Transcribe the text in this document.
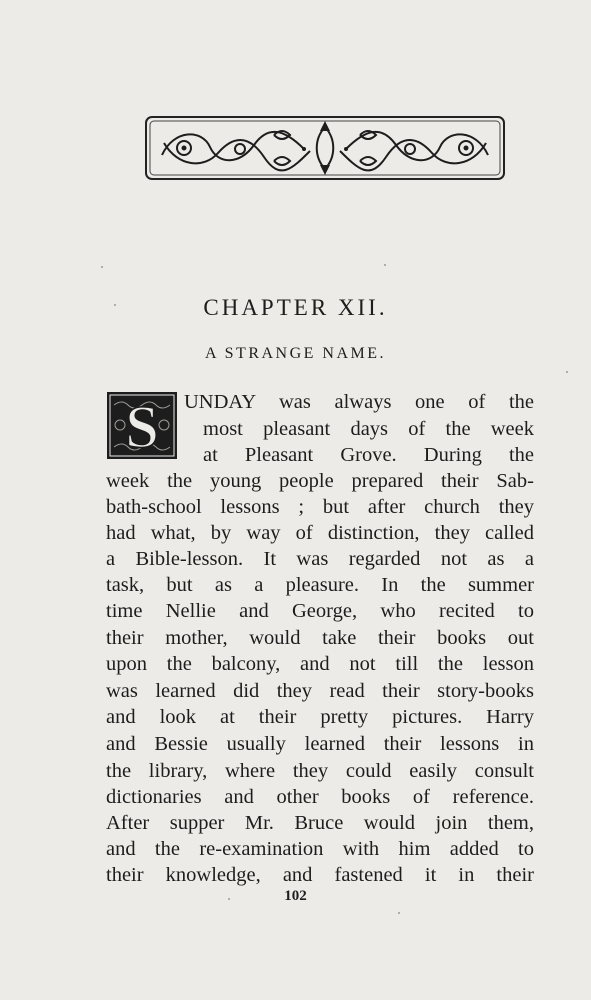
CHAPTER XII.
A STRANGE NAME.
S UNDAY was always one of the
most pleasant days of the week
at Pleasant Grove. During the
week the young people prepared their Sab-
bath-school lessons ; but after church they
had what, by way of distinction, they called
a Bible-lesson. It was regarded not as a
task, but as a pleasure. In the summer
time Nellie and George, who recited to
their mother, would take their books out
upon the balcony, and not till the lesson
was learned did they read their story-books
and look at their pretty pictures. Harry
and Bessie usually learned their lessons in
the library, where they could easily consult
dictionaries and other books of reference.
After supper Mr. Bruce would join them,
and the re-examination with him added to
their knowledge, and fastened it in their
102
